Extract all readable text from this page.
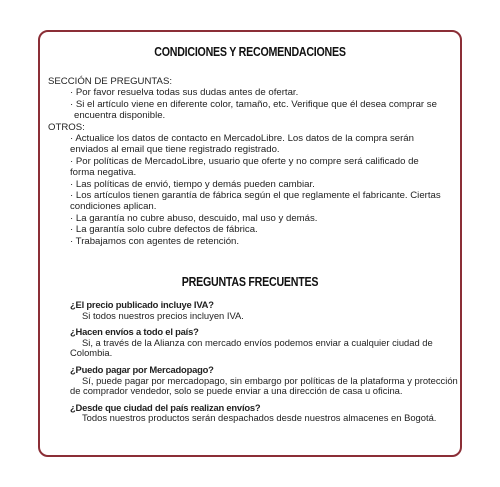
CONDICIONES Y RECOMENDACIONES
SECCIÓN DE PREGUNTAS:
· Por favor resuelva todas sus dudas antes de ofertar.
· Si el artículo viene en diferente color, tamaño, etc. Verifique que él desea comprar se
encuentra disponible.
OTROS:
· Actualice los datos de contacto en MercadoLibre. Los datos de la compra serán
enviados al email que tiene registrado registrado.
· Por políticas de MercadoLibre, usuario que oferte y no compre será calificado de
forma negativa.
· Las políticas de envió, tiempo y demás pueden cambiar.
· Los artículos tienen garantía de fábrica según el que reglamente el fabricante. Ciertas
condiciones aplican.
· La garantía no cubre abuso, descuido, mal uso y demás.
· La garantía solo cubre defectos de fábrica.
· Trabajamos con agentes de retención.
PREGUNTAS FRECUENTES
¿El precio publicado incluye IVA?
Si todos nuestros precios incluyen IVA.
¿Hacen envíos a todo el país?
Si, a través de la Alianza con mercado envíos podemos enviar a cualquier ciudad de
Colombia.
¿Puedo pagar por Mercadopago?
Sí, puede pagar por mercadopago, sin embargo por políticas de la plataforma y protección
de comprador vendedor, solo se puede enviar a una dirección de casa u oficina.
¿Desde que ciudad del país realizan envíos?
Todos nuestros productos serán despachados desde nuestros almacenes en Bogotá.
